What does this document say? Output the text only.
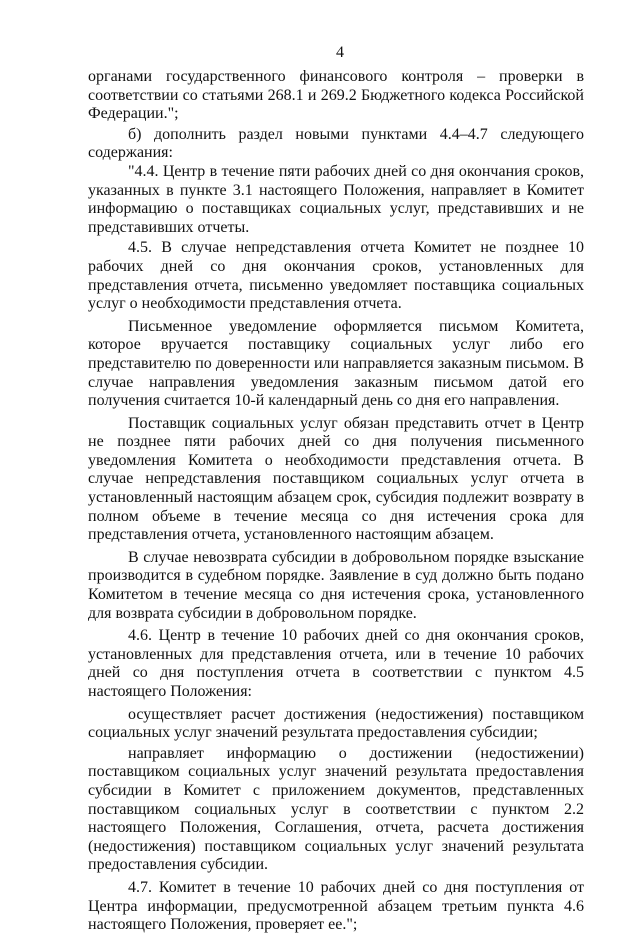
4

органами государственного финансового контроля – проверки в соответствии со статьями 268.1 и 269.2 Бюджетного кодекса Российской Федерации.";

б) дополнить раздел новыми пунктами 4.4–4.7 следующего содержания:

"4.4. Центр в течение пяти рабочих дней со дня окончания сроков, указанных в пункте 3.1 настоящего Положения, направляет в Комитет информацию о поставщиках социальных услуг, представивших и не представивших отчеты.

4.5. В случае непредставления отчета Комитет не позднее 10 рабочих дней со дня окончания сроков, установленных для представления отчета, письменно уведомляет поставщика социальных услуг о необходимости представления отчета.

Письменное уведомление оформляется письмом Комитета, которое вручается поставщику социальных услуг либо его представителю по доверенности или направляется заказным письмом. В случае направления уведомления заказным письмом датой его получения считается 10-й календарный день со дня его направления.

Поставщик социальных услуг обязан представить отчет в Центр не позднее пяти рабочих дней со дня получения письменного уведомления Комитета о необходимости представления отчета. В случае непредставления поставщиком социальных услуг отчета в установленный настоящим абзацем срок, субсидия подлежит возврату в полном объеме в течение месяца со дня истечения срока для представления отчета, установленного настоящим абзацем.

В случае невозврата субсидии в добровольном порядке взыскание производится в судебном порядке. Заявление в суд должно быть подано Комитетом в течение месяца со дня истечения срока, установленного для возврата субсидии в добровольном порядке.

4.6. Центр в течение 10 рабочих дней со дня окончания сроков, установленных для представления отчета, или в течение 10 рабочих дней со дня поступления отчета в соответствии с пунктом 4.5 настоящего Положения:

осуществляет расчет достижения (недостижения) поставщиком социальных услуг значений результата предоставления субсидии;

направляет информацию о достижении (недостижении) поставщиком социальных услуг значений результата предоставления субсидии в Комитет с приложением документов, представленных поставщиком социальных услуг в соответствии с пунктом 2.2 настоящего Положения, Соглашения, отчета, расчета достижения (недостижения) поставщиком социальных услуг значений результата предоставления субсидии.

4.7. Комитет в течение 10 рабочих дней со дня поступления от Центра информации, предусмотренной абзацем третьим пункта 4.6 настоящего Положения, проверяет ее.";
